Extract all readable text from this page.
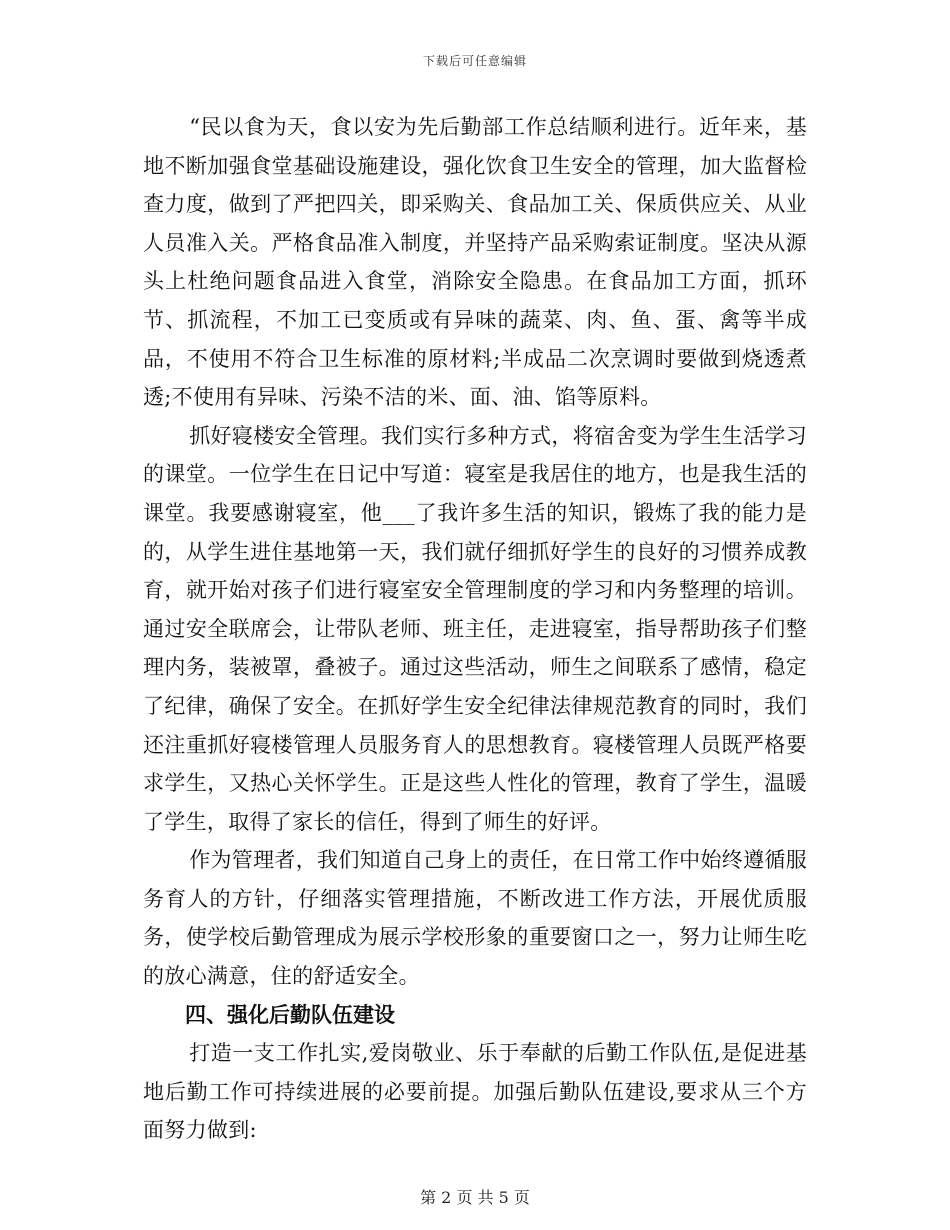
下载后可任意编辑

“民以食为天，食以安为先后勤部工作总结顺利进行。近年来，基地不断加强食堂基础设施建设，强化饮食卫生安全的管理，加大监督检查力度，做到了严把四关，即采购关、食品加工关、保质供应关、从业人员准入关。严格食品准入制度，并坚持产品采购索证制度。坚决从源头上杜绝问题食品进入食堂，消除安全隐患。在食品加工方面，抓环节、抓流程，不加工已变质或有异味的蔬菜、肉、鱼、蛋、禽等半成品，不使用不符合卫生标准的原材料;半成品二次烹调时要做到烧透煮透;不使用有异味、污染不洁的米、面、油、馅等原料。

抓好寝楼安全管理。我们实行多种方式，将宿舍变为学生生活学习的课堂。一位学生在日记中写道：寝室是我居住的地方，也是我生活的课堂。我要感谢寝室，他___了我许多生活的知识，锻炼了我的能力是的，从学生进住基地第一天，我们就仔细抓好学生的良好的习惯养成教育，就开始对孩子们进行寝室安全管理制度的学习和内务整理的培训。通过安全联席会，让带队老师、班主任，走进寝室，指导帮助孩子们整理内务，装被罩，叠被子。通过这些活动，师生之间联系了感情，稳定了纪律，确保了安全。在抓好学生安全纪律法律规范教育的同时，我们还注重抓好寝楼管理人员服务育人的思想教育。寝楼管理人员既严格要求学生，又热心关怀学生。正是这些人性化的管理，教育了学生，温暖了学生，取得了家长的信任，得到了师生的好评。

作为管理者，我们知道自己身上的责任，在日常工作中始终遵循服务育人的方针，仔细落实管理措施，不断改进工作方法，开展优质服务，使学校后勤管理成为展示学校形象的重要窗口之一，努力让师生吃的放心满意，住的舒适安全。

四、强化后勤队伍建设

打造一支工作扎实,爱岗敬业、乐于奉献的后勤工作队伍,是促进基地后勤工作可持续进展的必要前提。加强后勤队伍建设,要求从三个方面努力做到:

第 2 页 共 5 页
